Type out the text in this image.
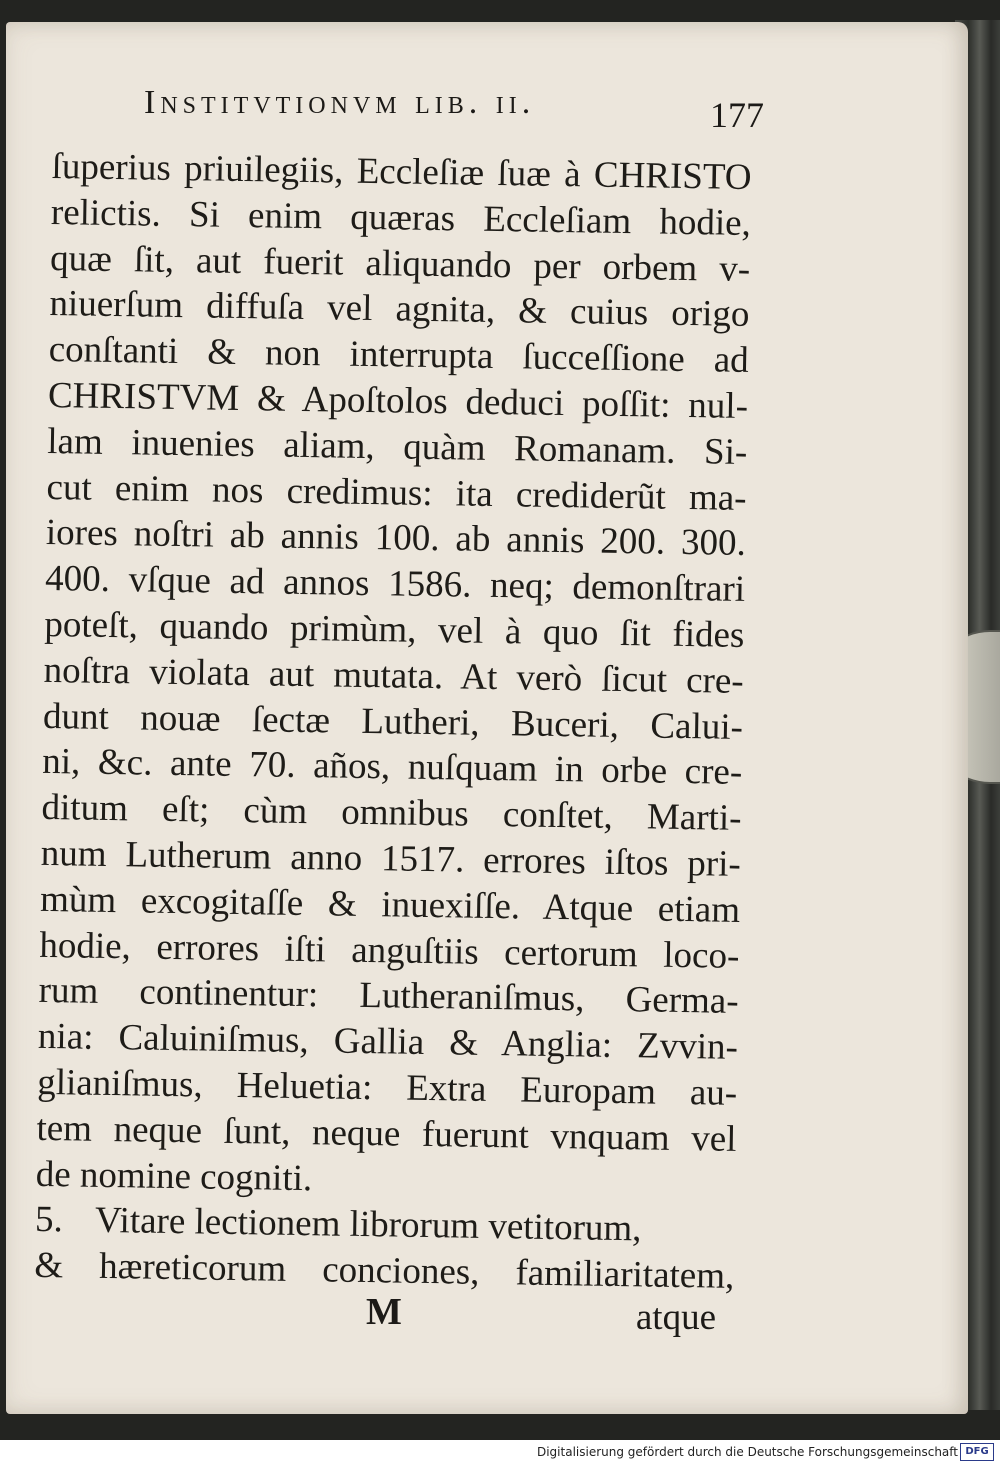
Institvtionvm lib. ii.	177
ſuperius priuilegiis, Eccleſiæ ſuæ à CHRISTO
relictis. Si enim quæras Eccleſiam hodie,
quæ ſit, aut fuerit aliquando per orbem v-
niuerſum diffuſa vel agnita, & cuius origo
conſtanti & non interrupta ſucceſſione ad
CHRISTVM & Apoſtolos deduci poſſit: nul-
lam inuenies aliam, quàm Romanam. Si-
cut enim nos credimus: ita crediderũt ma-
iores noſtri ab annis 100. ab annis 200. 300.
400. vſque ad annos 1586. neq; demonſtrari
poteſt, quando primùm, vel à quo ſit fides
noſtra violata aut mutata. At verò ſicut cre-
dunt nouæ ſectæ Lutheri, Buceri, Calui-
ni, &c. ante 70. años, nuſquam in orbe cre-
ditum eſt; cùm omnibus conſtet, Marti-
num Lutherum anno 1517. errores iſtos pri-
mùm excogitaſſe & inuexiſſe. Atque etiam
hodie, errores iſti anguſtiis certorum loco-
rum continentur: Lutheraniſmus, Germa-
nia: Caluiniſmus, Gallia & Anglia: Zvvin-
glianiſmus, Heluetia: Extra Europam au-
tem neque ſunt, neque fuerunt vnquam vel
de nomine cogniti.
5. Vitare lectionem librorum vetitorum,
& hæreticorum conciones, familiaritatem,
M	atque
Digitalisierung gefördert durch die Deutsche Forschungsgemeinschaft DFG
